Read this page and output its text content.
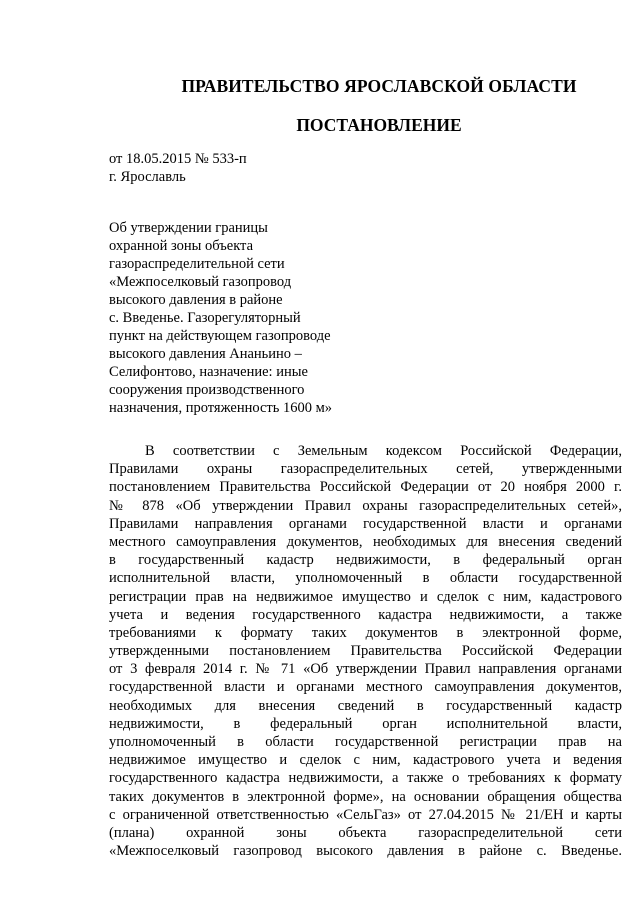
ПРАВИТЕЛЬСТВО ЯРОСЛАВСКОЙ ОБЛАСТИ
ПОСТАНОВЛЕНИЕ
от 18.05.2015 № 533-п
г. Ярославль
Об утверждении границы
охранной зоны объекта
газораспределительной сети
«Межпоселковый газопровод
высокого давления в районе
с. Введенье. Газорегуляторный
пункт на действующем газопроводе
высокого давления Ананьино –
Селифонтово, назначение: иные
сооружения производственного
назначения, протяженность 1600 м»
В соответствии с Земельным кодексом Российской Федерации,
Правилами охраны газораспределительных сетей, утвержденными
постановлением Правительства Российской Федерации от 20 ноября 2000 г.
№ 878 «Об утверждении Правил охраны газораспределительных сетей»,
Правилами направления органами государственной власти и органами
местного самоуправления документов, необходимых для внесения сведений
в государственный кадастр недвижимости, в федеральный орган
исполнительной власти, уполномоченный в области государственной
регистрации прав на недвижимое имущество и сделок с ним, кадастрового
учета и ведения государственного кадастра недвижимости, а также
требованиями к формату таких документов в электронной форме,
утвержденными постановлением Правительства Российской Федерации
от 3 февраля 2014 г. № 71 «Об утверждении Правил направления органами
государственной власти и органами местного самоуправления документов,
необходимых для внесения сведений в государственный кадастр
недвижимости, в федеральный орган исполнительной власти,
уполномоченный в области государственной регистрации прав на
недвижимое имущество и сделок с ним, кадастрового учета и ведения
государственного кадастра недвижимости, а также о требованиях к формату
таких документов в электронной форме», на основании обращения общества
с ограниченной ответственностью «СельГаз» от 27.04.2015 № 21/ЕН и карты
(плана) охранной зоны объекта газораспределительной сети
«Межпоселковый газопровод высокого давления в районе с. Введенье.
